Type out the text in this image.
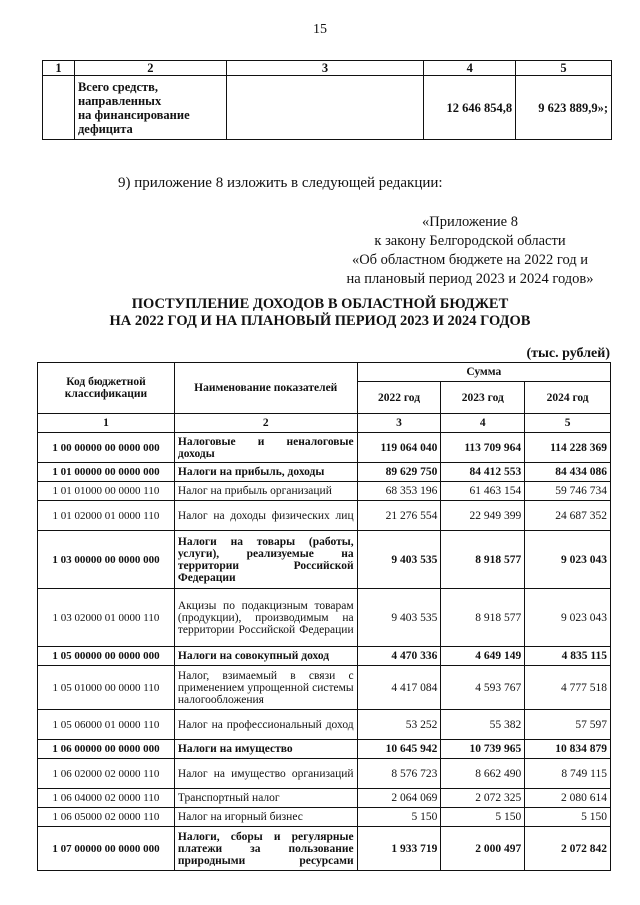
15
1	2	3	4	5
	Всего средств,
направленных
на финансирование
дефицита		12 646 854,8	9 623 889,9»;
9) приложение 8 изложить в следующей редакции:
«Приложение 8
к закону Белгородской области
«Об областном бюджете на 2022 год и
на плановый период 2023 и 2024 годов»
ПОСТУПЛЕНИЕ ДОХОДОВ В ОБЛАСТНОЙ БЮДЖЕТ
НА 2022 ГОД И НА ПЛАНОВЫЙ ПЕРИОД 2023 И 2024 ГОДОВ
(тыс. рублей)
Код бюджетной классификации	Наименование показателей	Сумма		
		2022 год	2023 год	2024 год
1	2	3	4	5
1 00 00000 00 0000 000	Налоговые и неналоговые доходы	119 064 040	113 709 964	114 228 369
1 01 00000 00 0000 000	Налоги на прибыль, доходы	89 629 750	84 412 553	84 434 086
1 01 01000 00 0000 110	Налог на прибыль организаций	68 353 196	61 463 154	59 746 734
1 01 02000 01 0000 110	Налог на доходы физических лиц	21 276 554	22 949 399	24 687 352
1 03 00000 00 0000 000	Налоги на товары (работы, услуги), реализуемые на территории Российской Федерации	9 403 535	8 918 577	9 023 043
1 03 02000 01 0000 110	Акцизы по подакцизным товарам (продукции), производимым на территории Российской Федерации	9 403 535	8 918 577	9 023 043
1 05 00000 00 0000 000	Налоги на совокупный доход	4 470 336	4 649 149	4 835 115
1 05 01000 00 0000 110	Налог, взимаемый в связи с применением упрощенной системы налогообложения	4 417 084	4 593 767	4 777 518
1 05 06000 01 0000 110	Налог на профессиональный доход	53 252	55 382	57 597
1 06 00000 00 0000 000	Налоги на имущество	10 645 942	10 739 965	10 834 879
1 06 02000 02 0000 110	Налог на имущество организаций	8 576 723	8 662 490	8 749 115
1 06 04000 02 0000 110	Транспортный налог	2 064 069	2 072 325	2 080 614
1 06 05000 02 0000 110	Налог на игорный бизнес	5 150	5 150	5 150
1 07 00000 00 0000 000	Налоги, сборы и регулярные платежи за пользование природными ресурсами	1 933 719	2 000 497	2 072 842
